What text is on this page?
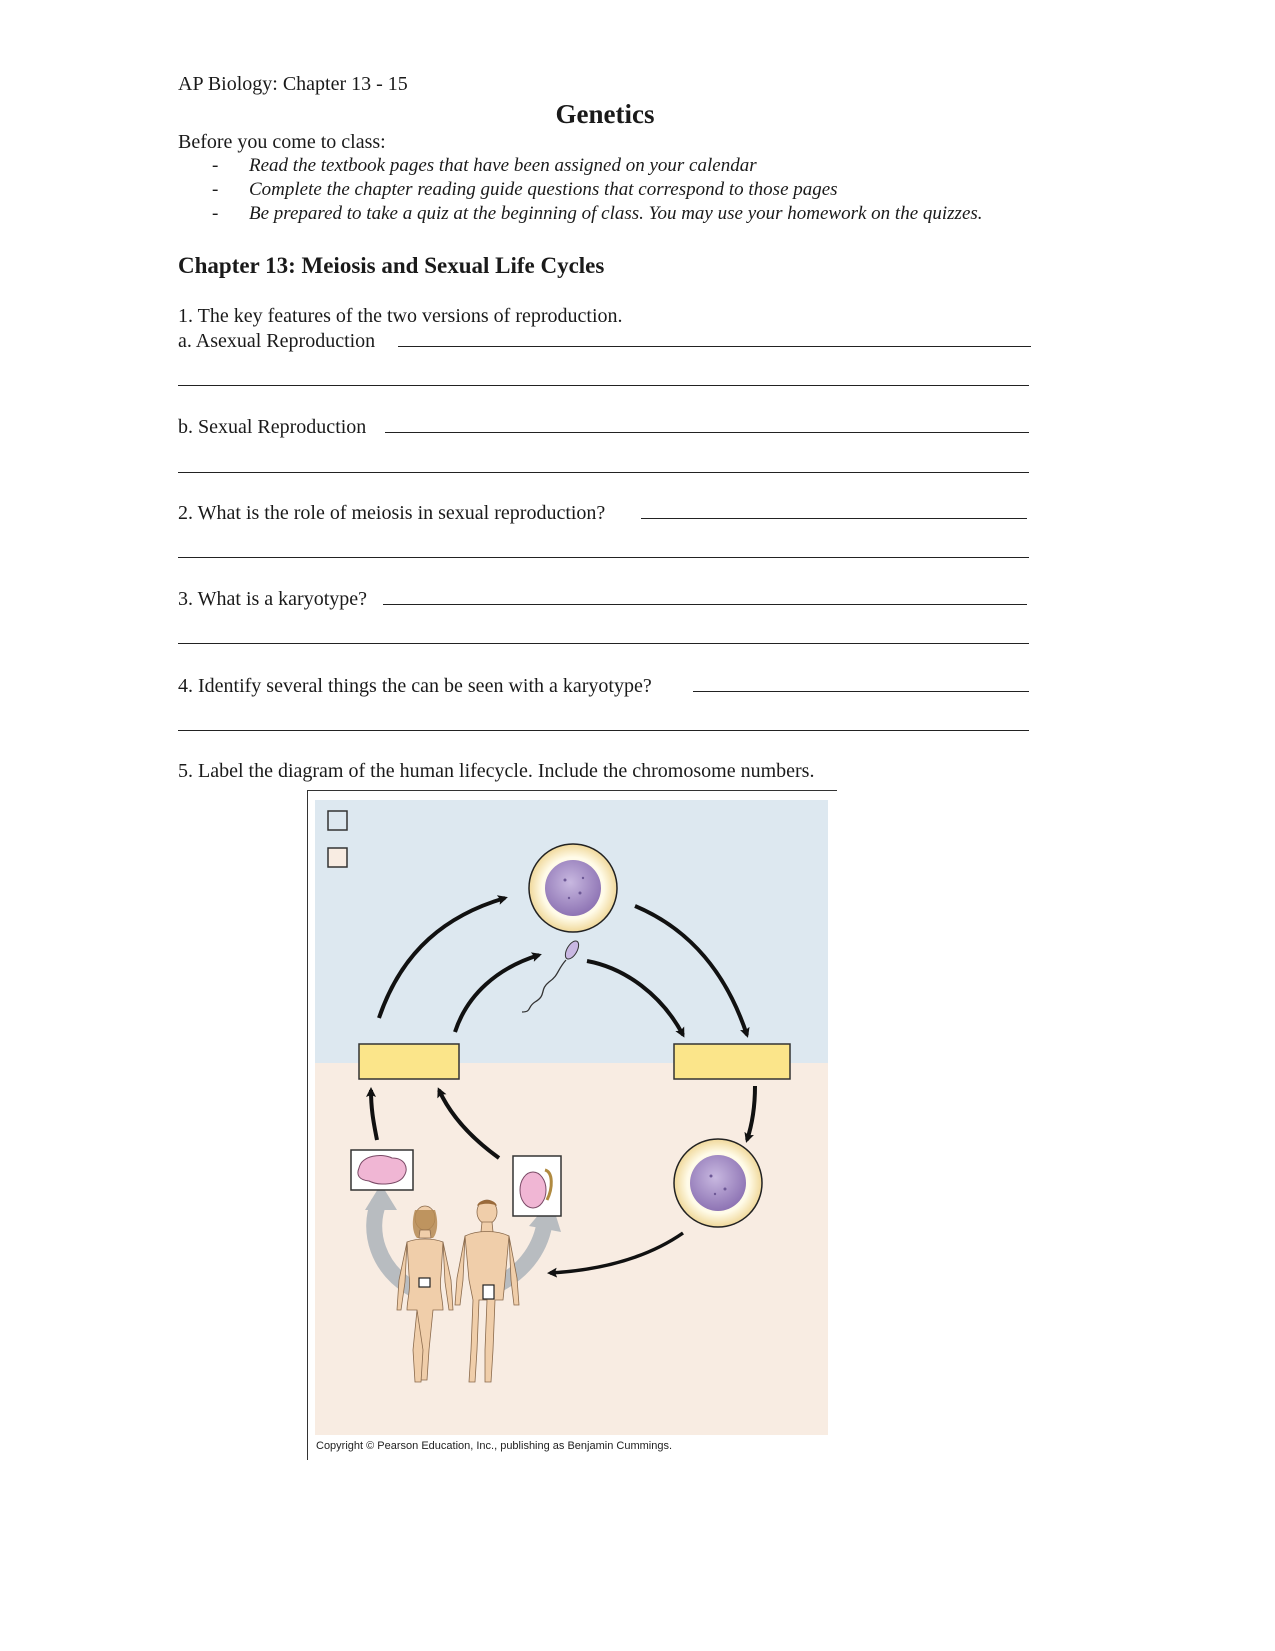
AP Biology: Chapter 13 - 15
Genetics
Before you come to class:
- Read the textbook pages that have been assigned on your calendar
- Complete the chapter reading guide questions that correspond to those pages
- Be prepared to take a quiz at the beginning of class. You may use your homework on the quizzes.
Chapter 13: Meiosis and Sexual Life Cycles
1. The key features of the two versions of reproduction.
a. Asexual Reproduction
b. Sexual Reproduction
2. What is the role of meiosis in sexual reproduction?
3. What is a karyotype?
4. Identify several things the can be seen with a karyotype?
5. Label the diagram of the human lifecycle. Include the chromosome numbers.
Copyright © Pearson Education, Inc., publishing as Benjamin Cummings.
